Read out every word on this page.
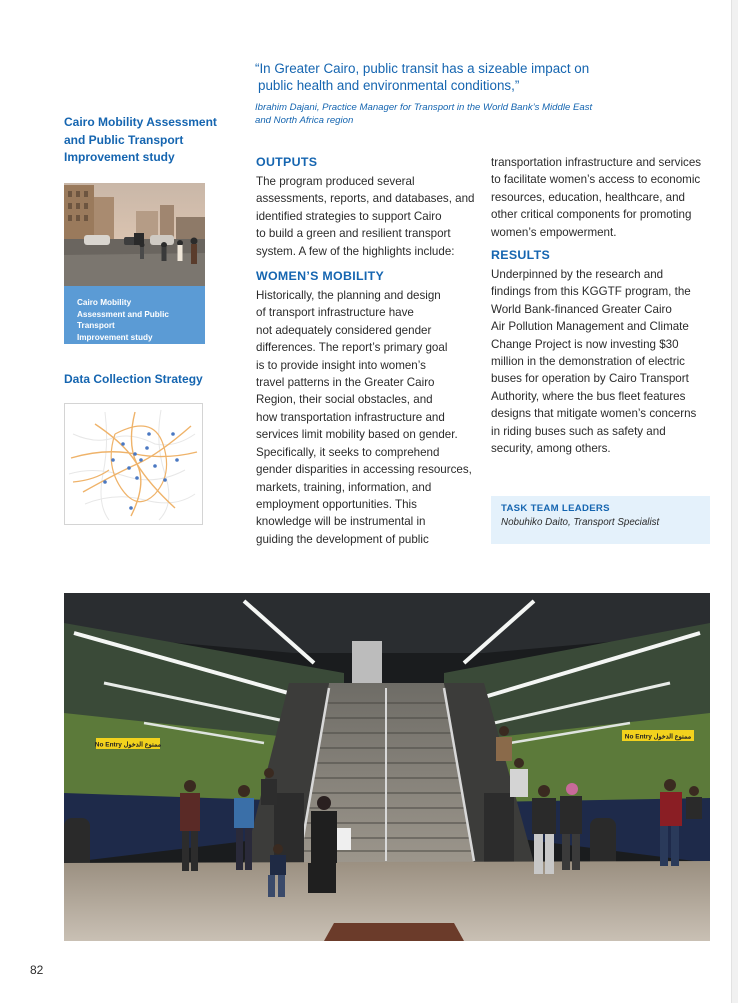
“In Greater Cairo, public transit has a sizeable impact on
public health and environmental conditions,”

Ibrahim Dajani, Practice Manager for Transport in the World Bank’s Middle East
and North Africa region
Cairo Mobility Assessment
and Public Transport
Improvement study
Cairo Mobility
Assessment and Public
Transport
Improvement study
Data Collection Strategy
OUTPUTS

The program produced several
assessments, reports, and databases, and
identified strategies to support Cairo
to build a green and resilient transport
system. A few of the highlights include:

WOMEN’S MOBILITY

Historically, the planning and design
of transport infrastructure have
not adequately considered gender
differences. The report’s primary goal
is to provide insight into women’s
travel patterns in the Greater Cairo
Region, their social obstacles, and
how transportation infrastructure and
services limit mobility based on gender.
Specifically, it seeks to comprehend
gender disparities in accessing resources,
markets, training, information, and
employment opportunities. This
knowledge will be instrumental in
guiding the development of public

transportation infrastructure and services
to facilitate women’s access to economic
resources, education, healthcare, and
other critical components for promoting
women’s empowerment.

RESULTS

Underpinned by the research and
findings from this KGGTF program, the
World Bank-financed Greater Cairo
Air Pollution Management and Climate
Change Project is now investing $30
million in the demonstration of electric
buses for operation by Cairo Transport
Authority, where the bus fleet features
designs that mitigate women’s concerns
in riding buses such as safety and
security, among others.

TASK TEAM LEADERS
Nobuhiko Daito, Transport Specialist
No Entry ممنوع الدخول
No Entry ممنوع الدخول
82
